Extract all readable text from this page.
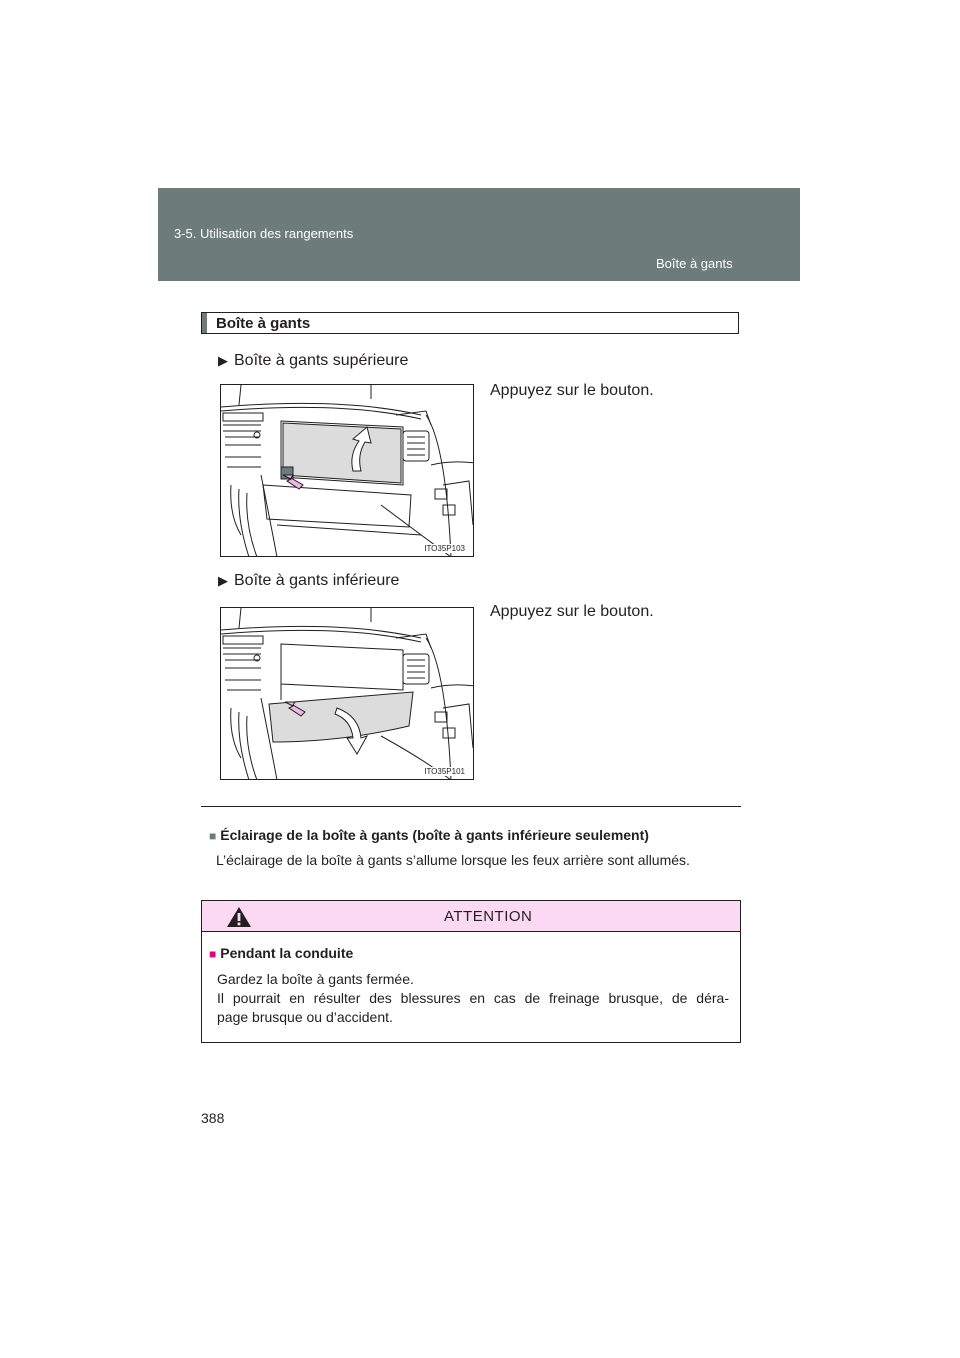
3-5. Utilisation des rangements
Boîte à gants
Boîte à gants
▶ Boîte à gants supérieure
Appuyez sur le bouton.
ITO35P103
▶ Boîte à gants inférieure
Appuyez sur le bouton.
ITO35P101
■ Éclairage de la boîte à gants (boîte à gants inférieure seulement)
L’éclairage de la boîte à gants s’allume lorsque les feux arrière sont allumés.
ATTENTION
■ Pendant la conduite
Gardez la boîte à gants fermée.
Il pourrait en résulter des blessures en cas de freinage brusque, de déra-
page brusque ou d’accident.
388
